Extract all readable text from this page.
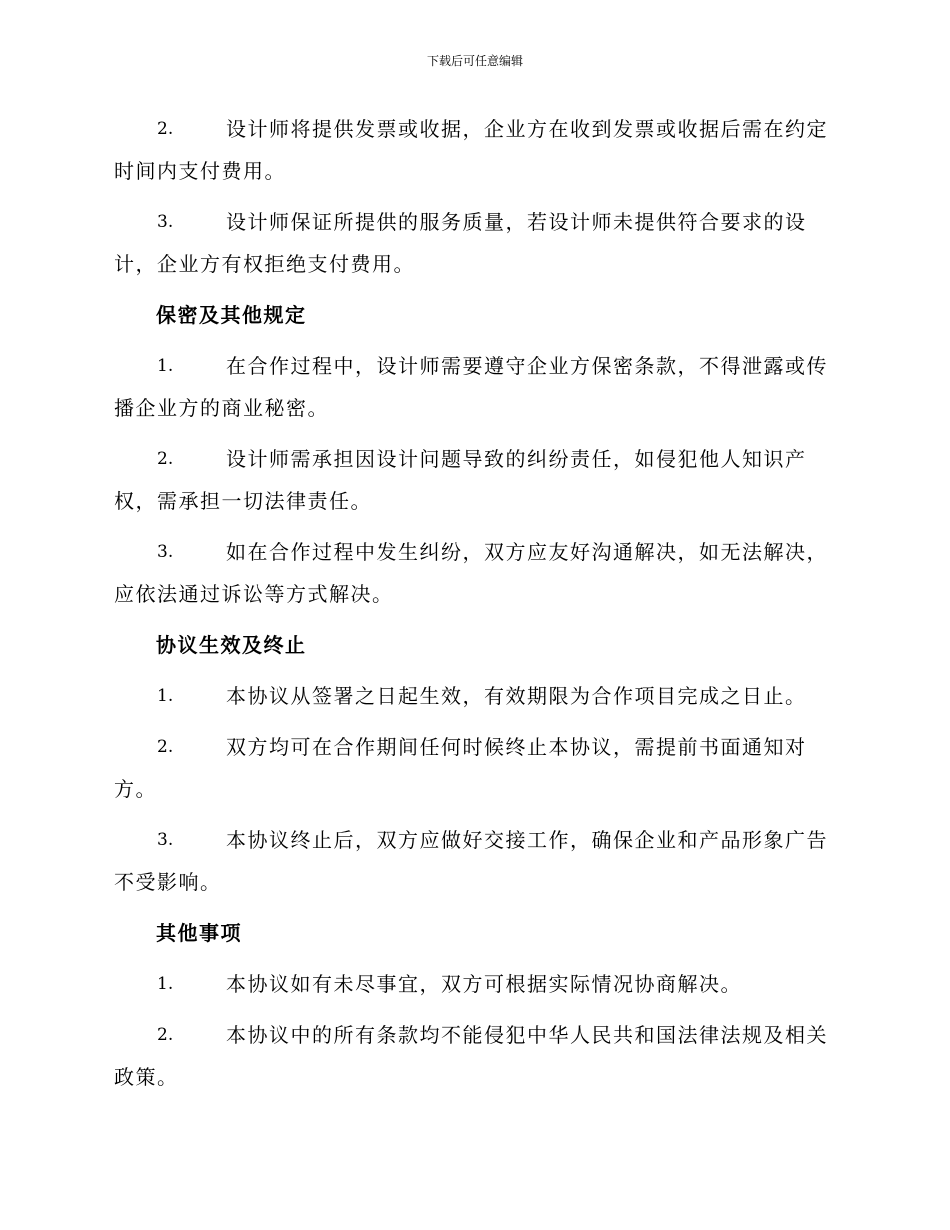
下载后可任意编辑
2.	设计师将提供发票或收据，企业方在收到发票或收据后需在约定
时间内支付费用。
3.	设计师保证所提供的服务质量，若设计师未提供符合要求的设
计，企业方有权拒绝支付费用。
保密及其他规定
1.	在合作过程中，设计师需要遵守企业方保密条款，不得泄露或传
播企业方的商业秘密。
2.	设计师需承担因设计问题导致的纠纷责任，如侵犯他人知识产
权，需承担一切法律责任。
3.	如在合作过程中发生纠纷，双方应友好沟通解决，如无法解决，
应依法通过诉讼等方式解决。
协议生效及终止
1.	本协议从签署之日起生效，有效期限为合作项目完成之日止。
2.	双方均可在合作期间任何时候终止本协议，需提前书面通知对
方。
3.	本协议终止后，双方应做好交接工作，确保企业和产品形象广告
不受影响。
其他事项
1.	本协议如有未尽事宜，双方可根据实际情况协商解决。
2.	本协议中的所有条款均不能侵犯中华人民共和国法律法规及相关
政策。
